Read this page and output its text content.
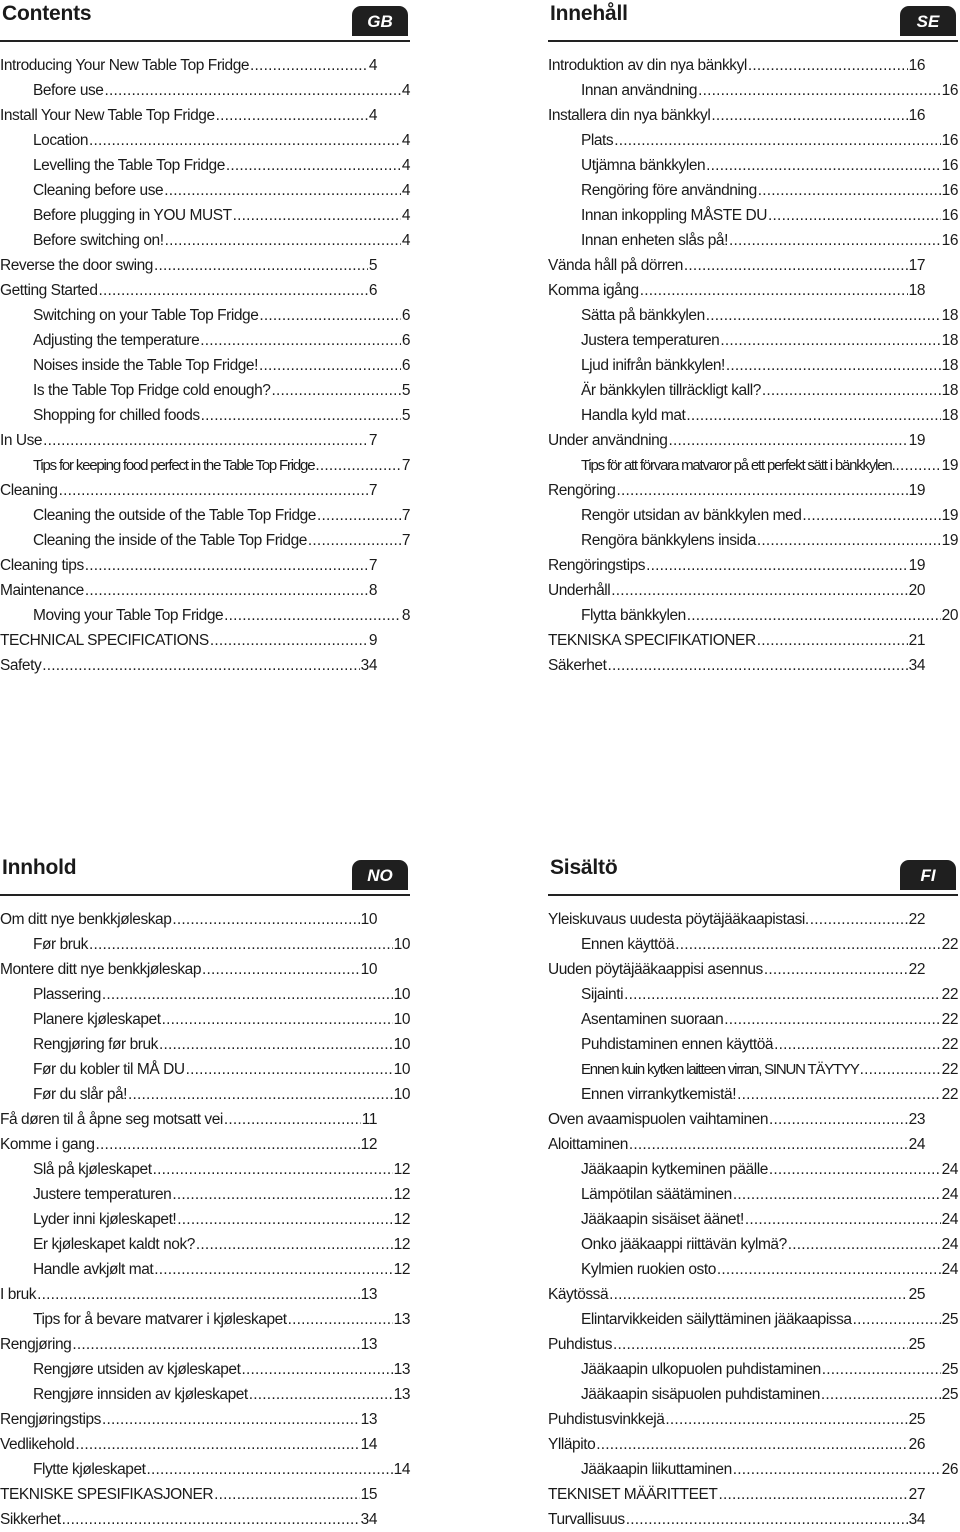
Contents	GB
Introducing Your New Table Top Fridge .....	4
Before use .....	4
Install Your New Table Top Fridge .....	4
Location .....	4
Levelling the Table Top Fridge .....	4
Cleaning before use .....	4
Before plugging in YOU MUST .....	4
Before switching on! .....	4
Reverse the door swing .....	5
Getting Started .....	6
Switching on your Table Top Fridge .....	6
Adjusting the temperature .....	6
Noises inside the Table Top Fridge! .....	6
Is the Table Top Fridge cold enough? .....	5
Shopping for chilled foods .....	5
In Use .....	7
Tips for keeping food perfect in the Table Top Fridge .....	7
Cleaning .....	7
Cleaning the outside of the Table Top Fridge .....	7
Cleaning the inside of the Table Top Fridge .....	7
Cleaning tips .....	7
Maintenance .....	8
Moving your Table Top Fridge .....	8
TECHNICAL SPECIFICATIONS .....	9
Safety .....	34
Innehåll	SE
Introduktion av din nya bänkkyl .....	16
Innan användning .....	16
Installera din nya bänkkyl .....	16
Plats .....	16
Utjämna bänkkylen .....	16
Rengöring före användning .....	16
Innan inkoppling MÅSTE DU .....	16
Innan enheten slås på! .....	16
Vända håll på dörren .....	17
Komma igång .....	18
Sätta på bänkkylen .....	18
Justera temperaturen .....	18
Ljud inifrån bänkkylen! .....	18
Är bänkkylen tillräckligt kall? .....	18
Handla kyld mat .....	18
Under användning .....	19
Tips för att förvara matvaror på ett perfekt sätt i bänkkylen. .....	19
Rengöring .....	19
Rengör utsidan av bänkkylen med .....	19
Rengöra bänkkylens insida .....	19
Rengöringstips .....	19
Underhåll .....	20
Flytta bänkkylen .....	20
TEKNISKA SPECIFIKATIONER .....	21
Säkerhet .....	34
Innhold	NO
Om ditt nye benkkjøleskap .....	10
Før bruk .....	10
Montere ditt nye benkkjøleskap .....	10
Plassering .....	10
Planere kjøleskapet .....	10
Rengjøring før bruk .....	10
Før du kobler til MÅ DU .....	10
Før du slår på! .....	10
Få døren til å åpne seg motsatt vei .....	11
Komme i gang .....	12
Slå på kjøleskapet .....	12
Justere temperaturen .....	12
Lyder inni kjøleskapet! .....	12
Er kjøleskapet kaldt nok? .....	12
Handle avkjølt mat .....	12
I bruk .....	13
Tips for å bevare matvarer i kjøleskapet .....	13
Rengjøring .....	13
Rengjøre utsiden av kjøleskapet .....	13
Rengjøre innsiden av kjøleskapet .....	13
Rengjøringstips .....	13
Vedlikehold .....	14
Flytte kjøleskapet .....	14
TEKNISKE SPESIFIKASJONER .....	15
Sikkerhet .....	34
Sisältö	FI
Yleiskuvaus uudesta pöytäjääkaapistasi. .....	22
Ennen käyttöä .....	22
Uuden pöytäjääkaappisi asennus .....	22
Sijainti .....	22
Asentaminen suoraan .....	22
Puhdistaminen ennen käyttöä .....	22
Ennen kuin kytken laitteen virran, SINUN TÄYTYY .....	22
Ennen virrankytkemistä! .....	22
Oven avaamispuolen vaihtaminen .....	23
Aloittaminen .....	24
Jääkaapin kytkeminen päälle .....	24
Lämpötilan säätäminen .....	24
Jääkaapin sisäiset äänet! .....	24
Onko jääkaappi riittävän kylmä? .....	24
Kylmien ruokien osto .....	24
Käytössä .....	25
Elintarvikkeiden säilyttäminen jääkaapissa .....	25
Puhdistus .....	25
Jääkaapin ulkopuolen puhdistaminen .....	25
Jääkaapin sisäpuolen puhdistaminen .....	25
Puhdistusvinkkejä .....	25
Ylläpito .....	26
Jääkaapin liikuttaminen .....	26
TEKNISET MÄÄRITTEET .....	27
Turvallisuus .....	34
